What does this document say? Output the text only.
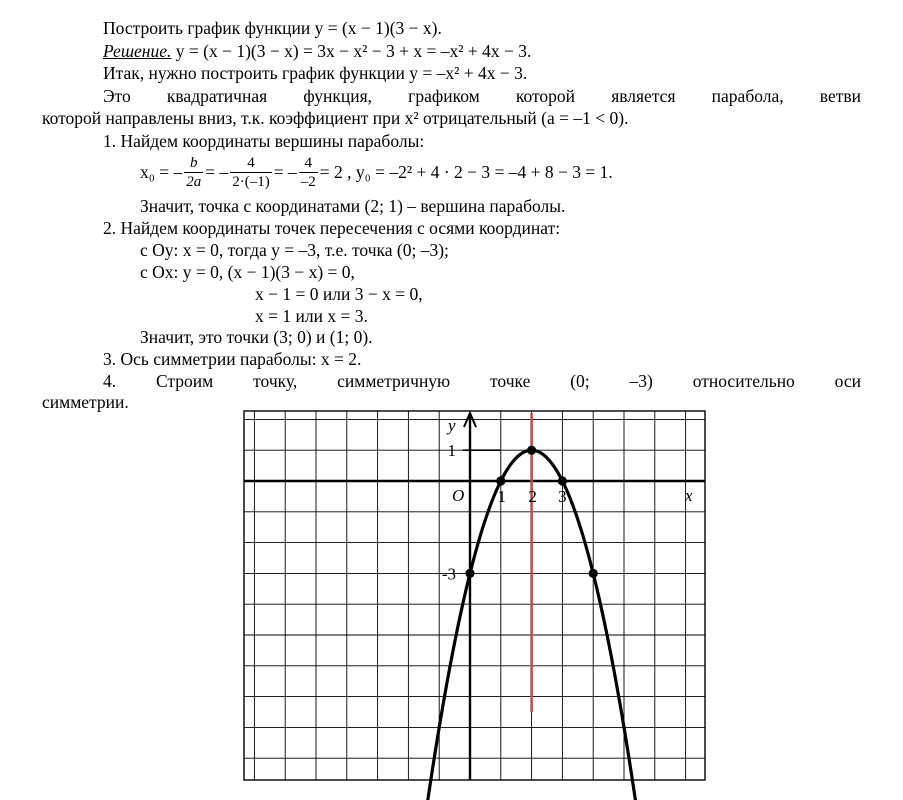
Построить график функции y = (x − 1)(3 − x).
Решение. y = (x − 1)(3 − x) = 3x − x² − 3 + x = –x² + 4x − 3.
Итак, нужно построить график функции y = –x² + 4x − 3.
Это квадратичная функция, графиком которой является парабола, ветви
которой направлены вниз, т.к. коэффициент при x² отрицательный (a = –1 < 0).
1. Найдем координаты вершины параболы:
x₀ = – $\frac{b}{2a}$ = – $\frac{4}{2\cdot(-1)}$ = – $\frac{4}{-2} = 2$ , y₀ = –2² + 4 · 2 − 3 = –4 + 8 − 3 = 1.
Значит, точка с координатами (2; 1) – вершина параболы.
2. Найдем координаты точек пересечения с осями координат:
с Oy: x = 0, тогда y = –3, т.е. точка (0; –3);
с Ox: y = 0, (x − 1)(3 − x) = 0,
x − 1 = 0 или 3 − x = 0,
x = 1 или x = 3.
Значит, это точки (3; 0) и (1; 0).
3. Ось симметрии параболы: x = 2.
4. Строим точку, симметричную точке (0; –3) относительно оси
симметрии.
1 2 3
1
-3
x
y
O
